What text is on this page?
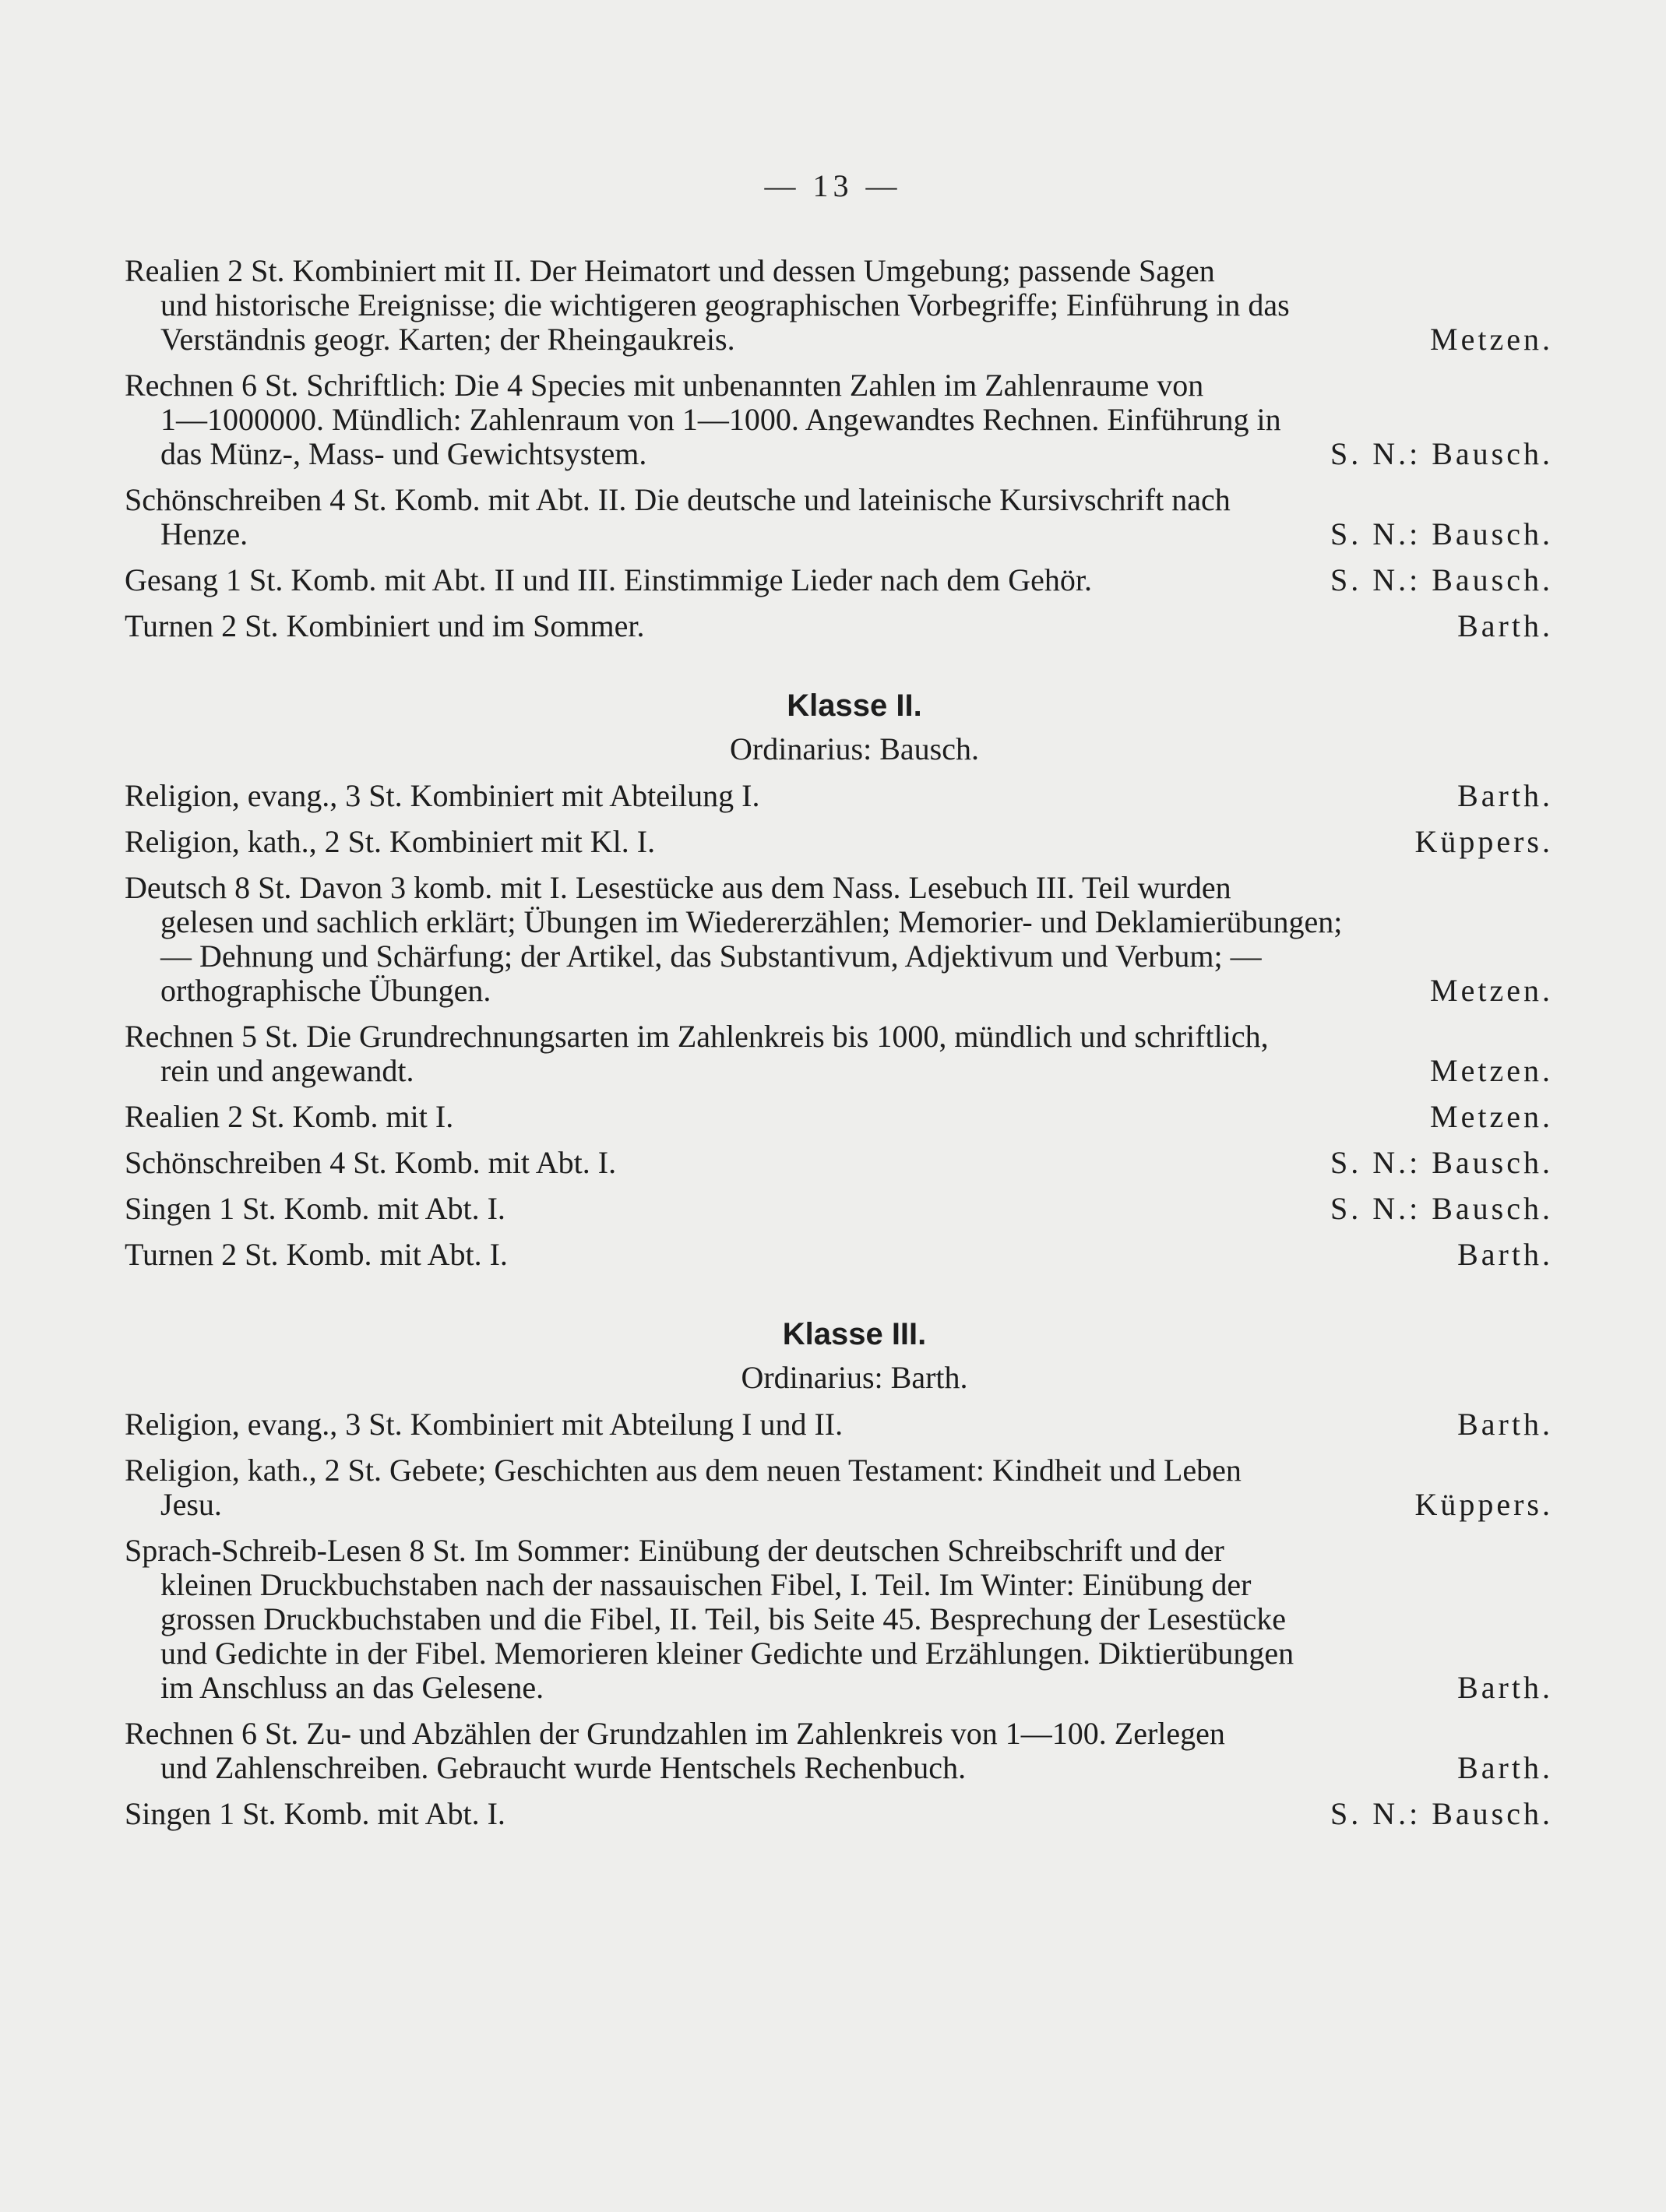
— 13 —
Realien 2 St. Kombiniert mit II. Der Heimatort und dessen Umgebung; passende Sagen
und historische Ereignisse; die wichtigeren geographischen Vorbegriffe; Einführung in das
Verständnis geogr. Karten; der Rheingaukreis.	Metzen.
Rechnen 6 St. Schriftlich: Die 4 Species mit unbenannten Zahlen im Zahlenraume von
1—1000000. Mündlich: Zahlenraum von 1—1000. Angewandtes Rechnen. Einführung in
das Münz-, Mass- und Gewichtsystem.	S. N.: Bausch.
Schönschreiben 4 St. Komb. mit Abt. II. Die deutsche und lateinische Kursivschrift nach
Henze.	S. N.: Bausch.
Gesang 1 St. Komb. mit Abt. II und III. Einstimmige Lieder nach dem Gehör.	S. N.: Bausch.
Turnen 2 St. Kombiniert und im Sommer.	Barth.
Klasse II.
Ordinarius: Bausch.
Religion, evang., 3 St. Kombiniert mit Abteilung I.	Barth.
Religion, kath., 2 St. Kombiniert mit Kl. I.	Küppers.
Deutsch 8 St. Davon 3 komb. mit I. Lesestücke aus dem Nass. Lesebuch III. Teil wurden
gelesen und sachlich erklärt; Übungen im Wiedererzählen; Memorier- und Deklamierübungen;
— Dehnung und Schärfung; der Artikel, das Substantivum, Adjektivum und Verbum; —
orthographische Übungen.	Metzen.
Rechnen 5 St. Die Grundrechnungsarten im Zahlenkreis bis 1000, mündlich und schriftlich,
rein und angewandt.	Metzen.
Realien 2 St. Komb. mit I.	Metzen.
Schönschreiben 4 St. Komb. mit Abt. I.	S. N.: Bausch.
Singen 1 St. Komb. mit Abt. I.	S. N.: Bausch.
Turnen 2 St. Komb. mit Abt. I.	Barth.
Klasse III.
Ordinarius: Barth.
Religion, evang., 3 St. Kombiniert mit Abteilung I und II.	Barth.
Religion, kath., 2 St. Gebete; Geschichten aus dem neuen Testament: Kindheit und Leben
Jesu.	Küppers.
Sprach-Schreib-Lesen 8 St. Im Sommer: Einübung der deutschen Schreibschrift und der
kleinen Druckbuchstaben nach der nassauischen Fibel, I. Teil. Im Winter: Einübung der
grossen Druckbuchstaben und die Fibel, II. Teil, bis Seite 45. Besprechung der Lesestücke
und Gedichte in der Fibel. Memorieren kleiner Gedichte und Erzählungen. Diktierübungen
im Anschluss an das Gelesene.	Barth.
Rechnen 6 St. Zu- und Abzählen der Grundzahlen im Zahlenkreis von 1—100. Zerlegen
und Zahlenschreiben. Gebraucht wurde Hentschels Rechenbuch.	Barth.
Singen 1 St. Komb. mit Abt. I.	S. N.: Bausch.
